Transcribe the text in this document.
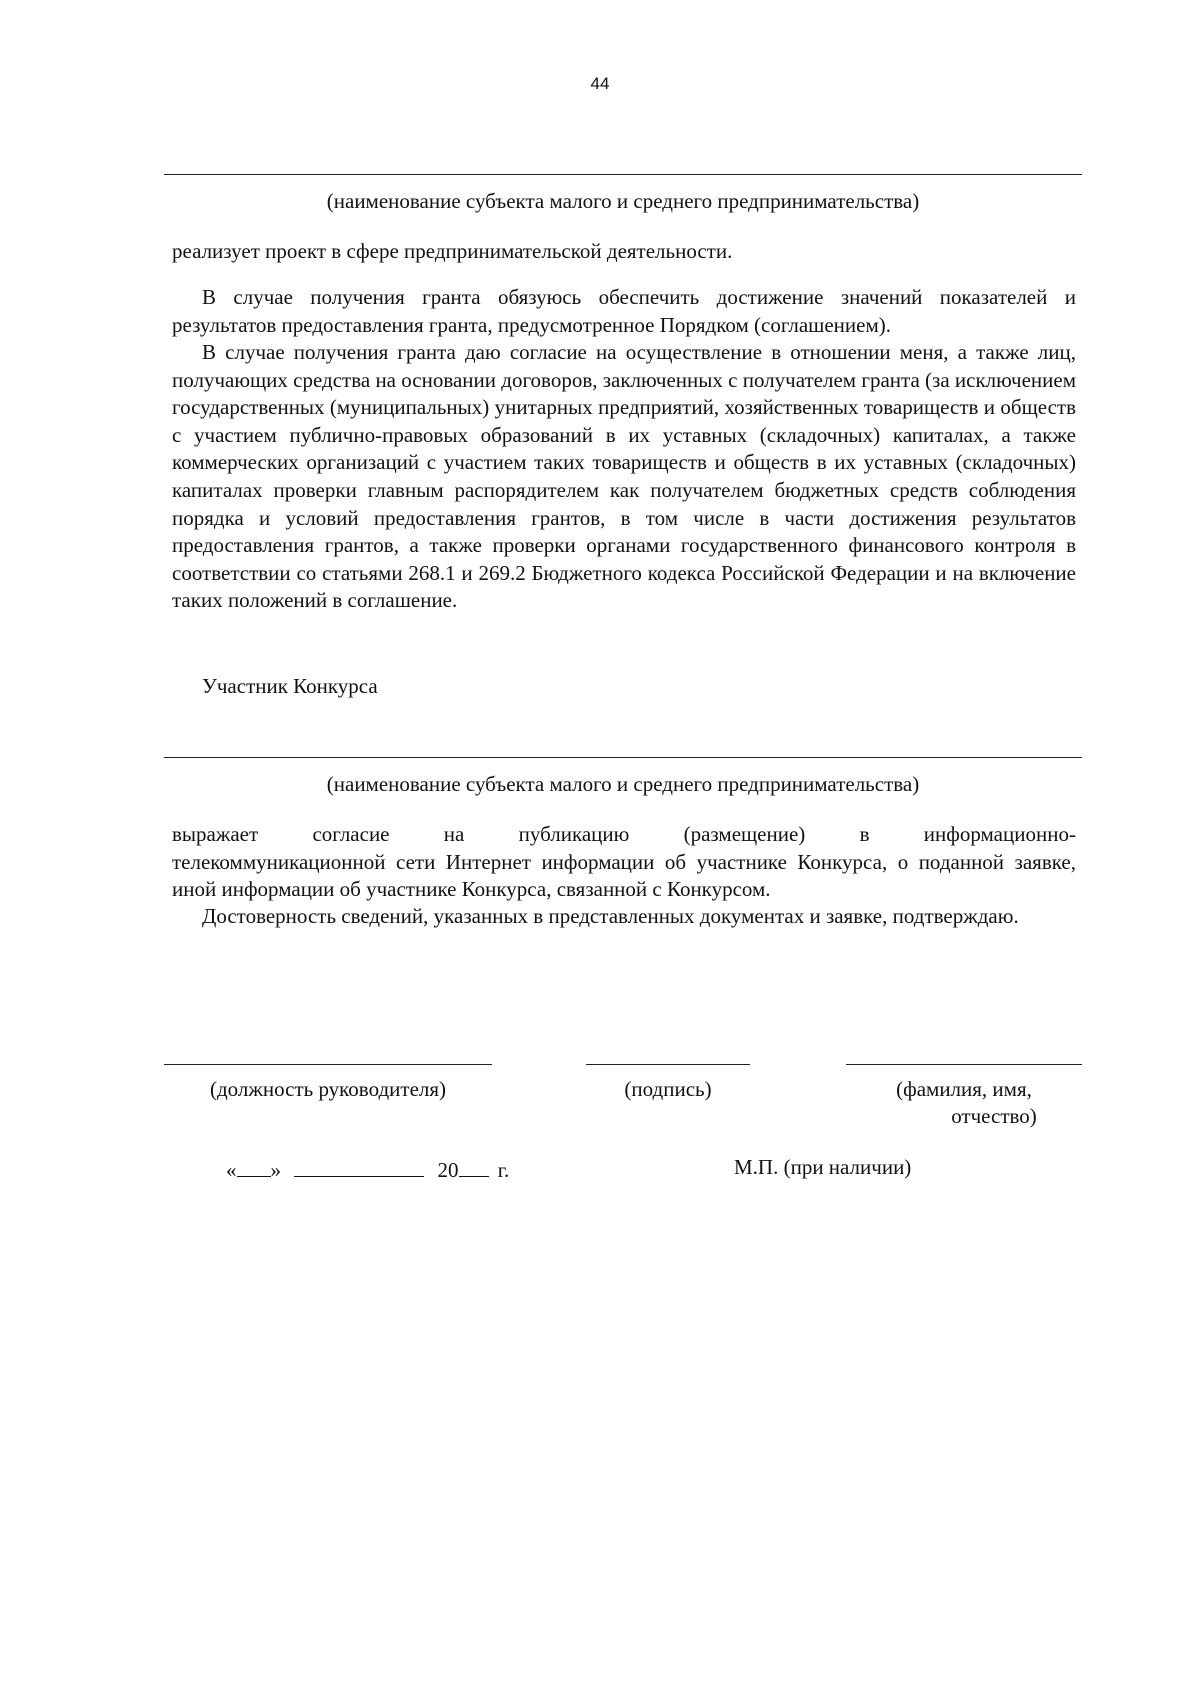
44
(наименование субъекта малого и среднего предпринимательства)

реализует проект в сфере предпринимательской деятельности.

В случае получения гранта обязуюсь обеспечить достижение значений показателей и результатов предоставления гранта, предусмотренное Порядком (соглашением).

В случае получения гранта даю согласие на осуществление в отношении меня, а также лиц, получающих средства на основании договоров, заключенных с получателем гранта (за исключением государственных (муниципальных) унитарных предприятий, хозяйственных товариществ и обществ с участием публично-правовых образований в их уставных (складочных) капиталах, а также коммерческих организаций с участием таких товариществ и обществ в их уставных (складочных) капиталах проверки главным распорядителем как получателем бюджетных средств соблюдения порядка и условий предоставления грантов, в том числе в части достижения результатов предоставления грантов, а также проверки органами государственного финансового контроля в соответствии со статьями 268.1 и 269.2 Бюджетного кодекса Российской Федерации и на включение таких положений в соглашение.

Участник Конкурса

(наименование субъекта малого и среднего предпринимательства)
выражает	согласие	на	публикацию	(размещение)	в	информационно-

телекоммуникационной сети Интернет информации об участнике Конкурса, о поданной заявке, иной информации об участнике Конкурса, связанной с Конкурсом.

Достоверность сведений, указанных в представленных документах и заявке, подтверждаю.

(должность руководителя)	(подпись)	(фамилия, имя,
отчество)
« »	20 г.	М.П. (при наличии)
